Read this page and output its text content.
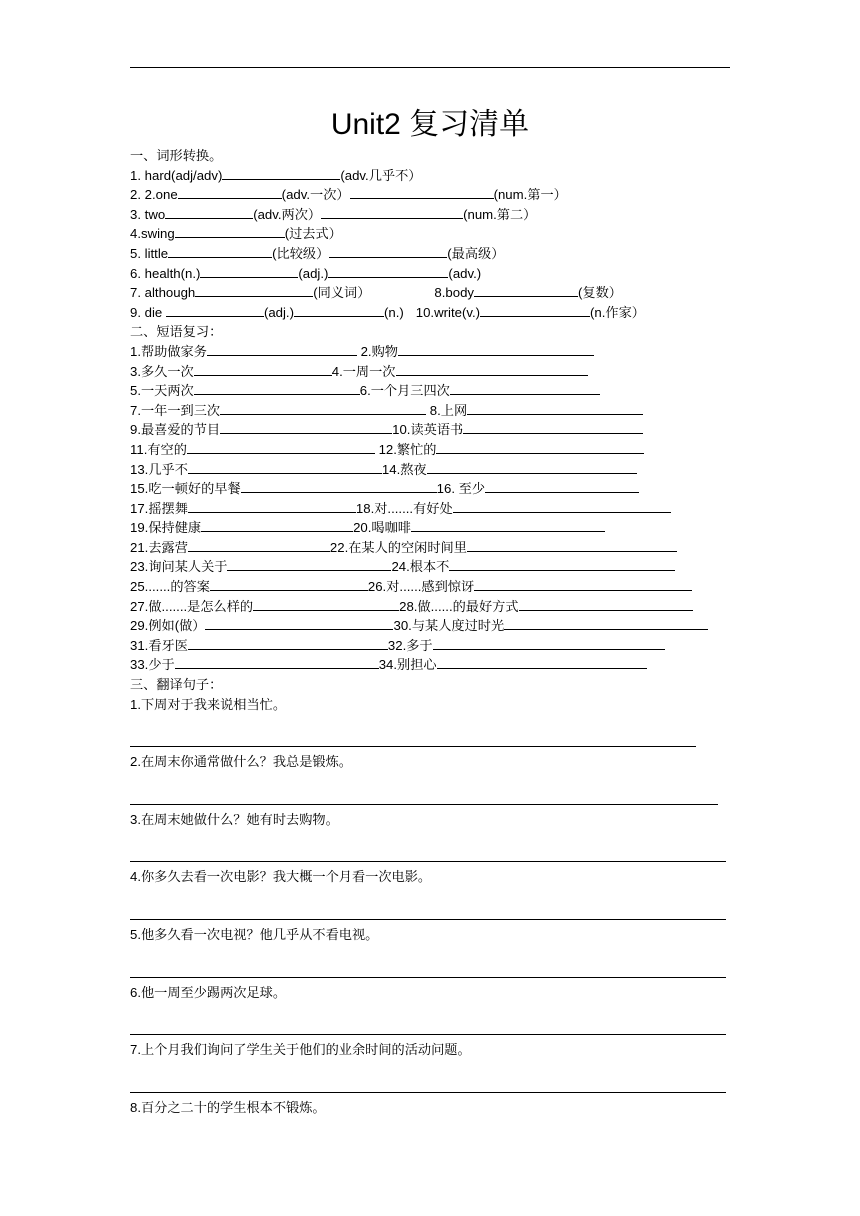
Unit2 复习清单
一、词形转换。
1. hard(adj/adv)	(adv.几乎不）
2. 2.one	(adv.一次）	(num.第一）
3. two	(adv.两次）	(num.第二）
4.swing	(过去式）
5. little	(比较级）	(最高级）
6. health(n.)	(adj.)	(adv.)
7. although	(同义词）	8.body	(复数）
9. die	(adj.)	(n.) 10.write(v.)	(n.作家）
二、短语复习：
1.帮助做家务	2.购物
3.多久一次	4.一周一次
5.一天两次	6.一个月三四次
7.一年一到三次	8.上网
9.最喜爱的节目	10.读英语书
11.有空的	12.繁忙的
13.几乎不	14.熬夜
15.吃一顿好的早餐	16. 至少
17.摇摆舞	18.对.......有好处
19.保持健康	20.喝咖啡
21.去露营	22.在某人的空闲时间里
23.询问某人关于	24.根本不
25.......的答案	26.对......感到惊讶
27.做.......是怎么样的	28.做......的最好方式
29.例如(做）	30.与某人度过时光
31.看牙医	32.多于
33.少于	34.别担心
三、翻译句子：
1.下周对于我来说相当忙。
2.在周末你通常做什么？我总是锻炼。
3.在周末她做什么？她有时去购物。
4.你多久去看一次电影？我大概一个月看一次电影。
5.他多久看一次电视？他几乎从不看电视。
6.他一周至少踢两次足球。
7.上个月我们询问了学生关于他们的业余时间的活动问题。
8.百分之二十的学生根本不锻炼。
